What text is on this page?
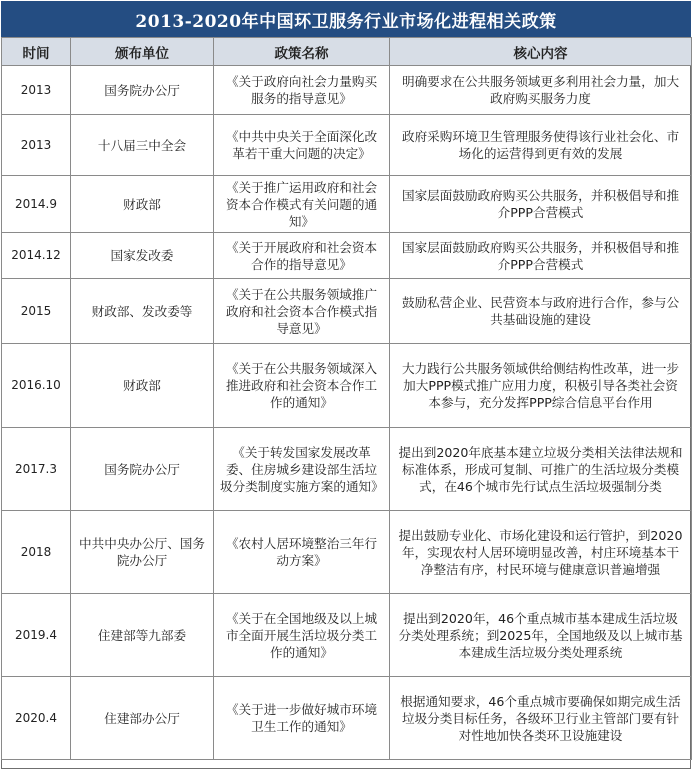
2013-2020年中国环卫服务行业市场化进程相关政策
时间	颁布单位	政策名称	核心内容
2013	国务院办公厅	《关于政府向社会力量购买服务的指导意见》	明确要求在公共服务领域更多利用社会力量，加大政府购买服务力度
2013	十八届三中全会	《中共中央关于全面深化改革若干重大问题的决定》	政府采购环境卫生管理服务使得该行业社会化、市场化的运营得到更有效的发展
2014.9	财政部	《关于推广运用政府和社会资本合作模式有关问题的通知》	国家层面鼓励政府购买公共服务，并积极倡导和推介PPP合营模式
2014.12	国家发改委	《关于开展政府和社会资本合作的指导意见》	国家层面鼓励政府购买公共服务，并积极倡导和推介PPP合营模式
2015	财政部、发改委等	《关于在公共服务领域推广政府和社会资本合作模式指导意见》	鼓励私营企业、民营资本与政府进行合作，参与公共基础设施的建设
2016.10	财政部	《关于在公共服务领域深入推进政府和社会资本合作工作的通知》	大力践行公共服务领域供给侧结构性改革，进一步加大PPP模式推广应用力度，积极引导各类社会资本参与，充分发挥PPP综合信息平台作用
2017.3	国务院办公厅	《关于转发国家发展改革委、住房城乡建设部生活垃圾分类制度实施方案的通知》	提出到2020年底基本建立垃圾分类相关法律法规和标准体系，形成可复制、可推广的生活垃圾分类模式，在46个城市先行试点生活垃圾强制分类
2018	中共中央办公厅、国务院办公厅	《农村人居环境整治三年行动方案》	提出鼓励专业化、市场化建设和运行管护，到2020年，实现农村人居环境明显改善，村庄环境基本干净整洁有序，村民环境与健康意识普遍增强
2019.4	住建部等九部委	《关于在全国地级及以上城市全面开展生活垃圾分类工作的通知》	提出到2020年，46个重点城市基本建成生活垃圾分类处理系统；到2025年，全国地级及以上城市基本建成生活垃圾分类处理系统
2020.4	住建部办公厅	《关于进一步做好城市环境卫生工作的通知》	根据通知要求，46个重点城市要确保如期完成生活垃圾分类目标任务，各级环卫行业主管部门要有针对性地加快各类环卫设施建设
